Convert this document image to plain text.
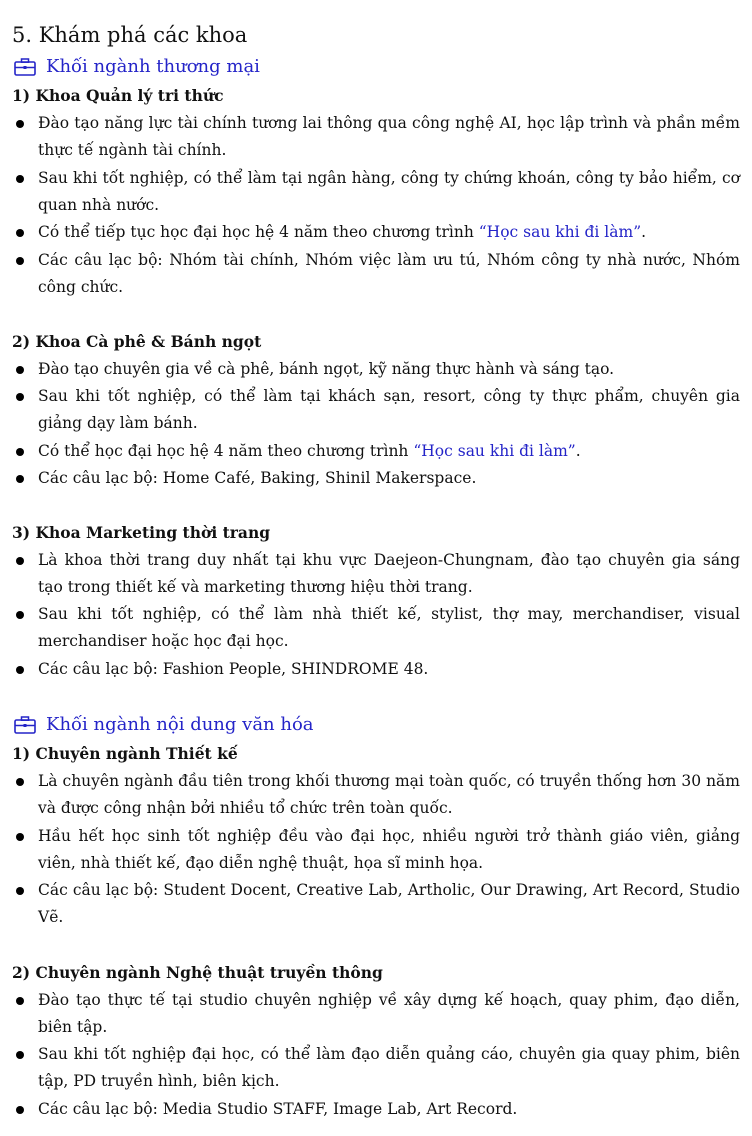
5. Khám phá các khoa
Khối ngành thương mại
1) Khoa Quản lý tri thức
Đào tạo năng lực tài chính tương lai thông qua công nghệ AI, học lập trình và phần mềm thực tế ngành tài chính.
Sau khi tốt nghiệp, có thể làm tại ngân hàng, công ty chứng khoán, công ty bảo hiểm, cơ quan nhà nước.
Có thể tiếp tục học đại học hệ 4 năm theo chương trình “Học sau khi đi làm”.
Các câu lạc bộ: Nhóm tài chính, Nhóm việc làm ưu tú, Nhóm công ty nhà nước, Nhóm công chức.
2) Khoa Cà phê & Bánh ngọt
Đào tạo chuyên gia về cà phê, bánh ngọt, kỹ năng thực hành và sáng tạo.
Sau khi tốt nghiệp, có thể làm tại khách sạn, resort, công ty thực phẩm, chuyên gia giảng dạy làm bánh.
Có thể học đại học hệ 4 năm theo chương trình “Học sau khi đi làm”.
Các câu lạc bộ: Home Café, Baking, Shinil Makerspace.
3) Khoa Marketing thời trang
Là khoa thời trang duy nhất tại khu vực Daejeon-Chungnam, đào tạo chuyên gia sáng tạo trong thiết kế và marketing thương hiệu thời trang.
Sau khi tốt nghiệp, có thể làm nhà thiết kế, stylist, thợ may, merchandiser, visual merchandiser hoặc học đại học.
Các câu lạc bộ: Fashion People, SHINDROME 48.
Khối ngành nội dung văn hóa
1) Chuyên ngành Thiết kế
Là chuyên ngành đầu tiên trong khối thương mại toàn quốc, có truyền thống hơn 30 năm và được công nhận bởi nhiều tổ chức trên toàn quốc.
Hầu hết học sinh tốt nghiệp đều vào đại học, nhiều người trở thành giáo viên, giảng viên, nhà thiết kế, đạo diễn nghệ thuật, họa sĩ minh họa.
Các câu lạc bộ: Student Docent, Creative Lab, Artholic, Our Drawing, Art Record, Studio Vẽ.
2) Chuyên ngành Nghệ thuật truyền thông
Đào tạo thực tế tại studio chuyên nghiệp về xây dựng kế hoạch, quay phim, đạo diễn, biên tập.
Sau khi tốt nghiệp đại học, có thể làm đạo diễn quảng cáo, chuyên gia quay phim, biên tập, PD truyền hình, biên kịch.
Các câu lạc bộ: Media Studio STAFF, Image Lab, Art Record.
